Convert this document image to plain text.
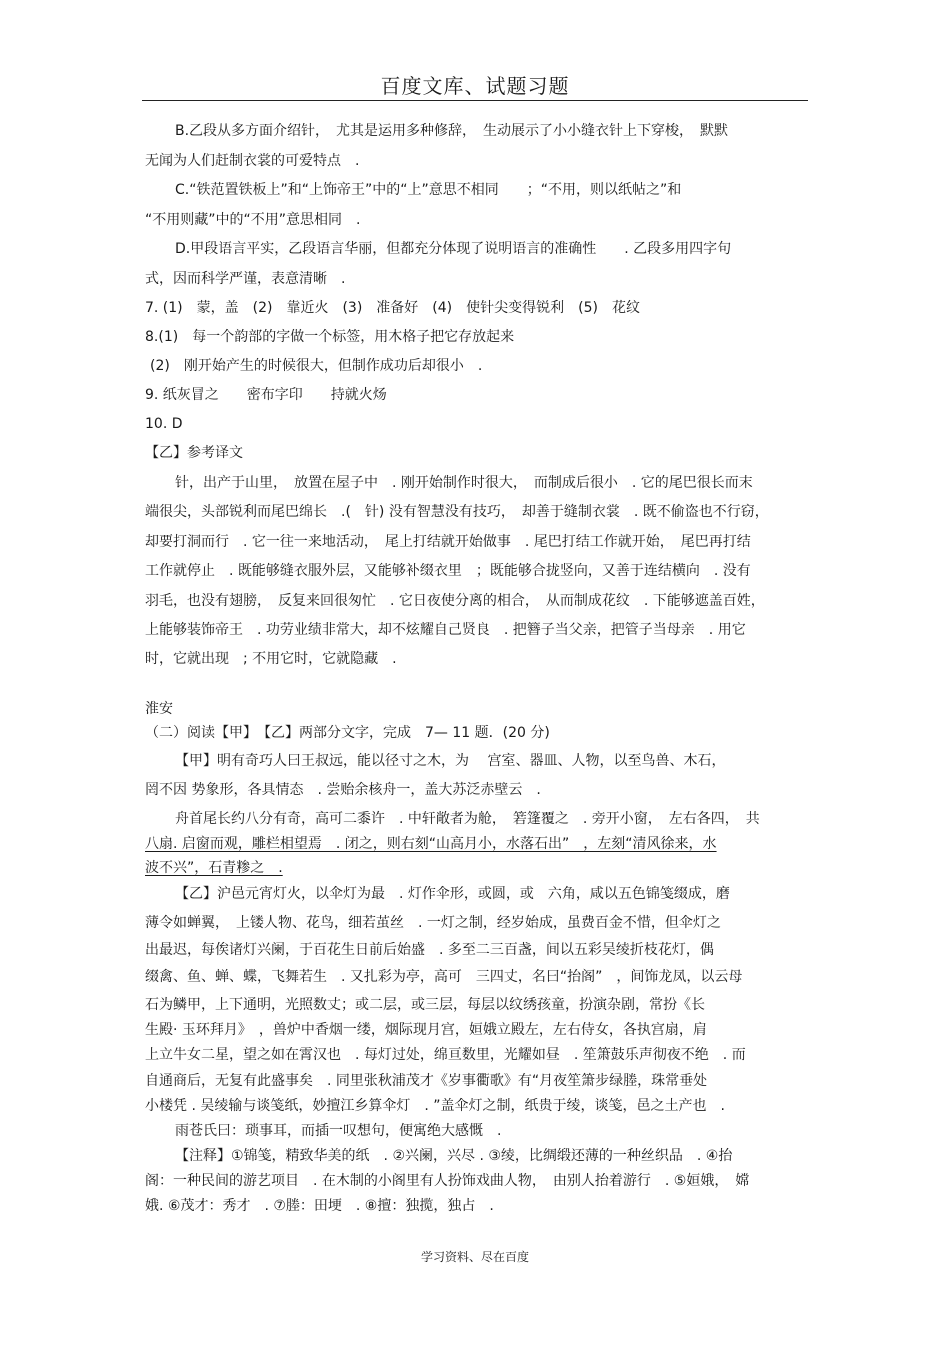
百度文库、试题习题
B.乙段从多方面介绍针，　尤其是运用多种修辞，　生动展示了小小缝衣针上下穿梭，　默默
无闻为人们赶制衣裳的可爱特点　.
C.“铁范置铁板上”和“上饰帝王”中的“上”意思不相同　　；“不用，则以纸帖之”和
“不用则藏”中的“不用”意思相同　.
D.甲段语言平实，乙段语言华丽，但都充分体现了说明语言的准确性　　. 乙段多用四字句
式，因而科学严谨，表意清晰　.
7. (1)　蒙，盖　(2)　靠近火　(3)　准备好　(4)　使针尖变得锐利　(5)　花纹
8.(1)　每一个韵部的字做一个标签，用木格子把它存放起来
(2)　刚开始产生的时候很大，但制作成功后却很小　.
9. 纸灰冒之　　密布字印　　持就火炀
10. D
【乙】参考译文
针，出产于山里，　放置在屋子中　. 刚开始制作时很大，　而制成后很小　. 它的尾巴很长而末
端很尖，头部锐利而尾巴绵长　.(　针) 没有智慧没有技巧，　却善于缝制衣裳　. 既不偷盗也不行窃，
却要打洞而行　. 它一往一来地活动，　尾上打结就开始做事　. 尾巴打结工作就开始，　尾巴再打结
工作就停止　. 既能够缝衣服外层，又能够补缀衣里　；既能够合拢竖向，又善于连结横向　. 没有
羽毛，也没有翅膀，　反复来回很匆忙　. 它日夜使分离的相合，　从而制成花纹　. 下能够遮盖百姓，
上能够装饰帝王　. 功劳业绩非常大，却不炫耀自己贤良　. 把簪子当父亲，把管子当母亲　. 用它
时，它就出现　; 不用它时，它就隐藏　.
淮安
（二）阅读【甲】　【乙】两部分文字，完成　7— 11 题．(20 分)
【甲】明有奇巧人曰王叔远，能以径寸之木，为　 宫室、器皿、人物，以至鸟兽、木石，
罔不因 势象形，各具情态　. 尝贻余核舟一，盖大苏泛赤壁云　.
舟首尾长约八分有奇，高可二黍许　. 中轩敞者为舱，　箬篷覆之　. 旁开小窗，　左右各四，　共
八扇. 启窗而观，雕栏相望焉　. 闭之，则右刻“山高月小，水落石出”　，左刻“清风徐来，水
波不兴”，石青糁之　.
【乙】沪邑元宵灯火，以伞灯为最　. 灯作伞形，或圆，或　六角，咸以五色锦笺缀成，磨
薄令如蝉翼，　上镂人物、花鸟，细若茧丝　. 一灯之制，经岁始成，虽费百金不惜，但伞灯之
出最迟，每俟诸灯兴阑，于百花生日前后始盛　. 多至二三百盏，间以五彩吴绫折枝花灯，偶
缀禽、鱼、蝉、蝶，飞舞若生　. 又扎彩为亭，高可　三四丈，名曰“抬阁”　，间饰龙凤，以云母
石为鳞甲，上下通明，光照数丈；或二层，或三层，每层以纹绣孩童，扮演杂剧，常扮《长
生殿· 玉环拜月》　，兽炉中香烟一缕，烟际现月宫，姮娥立殿左，左右侍女，各执宫扇，肩
上立牛女二星，望之如在霄汉也　. 每灯过处，绵亘数里，光耀如昼　. 笙箫鼓乐声彻夜不绝　. 而
自通商后，无复有此盛事矣　. 同里张秋浦茂才《岁事衢歌》有“月夜笙箫步绿塍，珠常垂处
小楼凭 . 吴绫输与谈笺纸，妙擅江乡算伞灯　. ”盖伞灯之制，纸贵于绫，谈笺，邑之土产也　.
雨苍氏曰：琐事耳，而插一叹想句，便寓绝大感慨　.
【注释】①锦笺，精致华美的纸　. ②兴阑，兴尽 . ③绫，比绸缎还薄的一种丝织品　. ④抬
阁：一种民间的游艺项目　. 在木制的小阁里有人扮饰戏曲人物，　由别人抬着游行　. ⑤姮娥，　嫦
娥. ⑥茂才：秀才　. ⑦塍：田埂　. ⑧擅：独揽，独占　.
学习资料、尽在百度
